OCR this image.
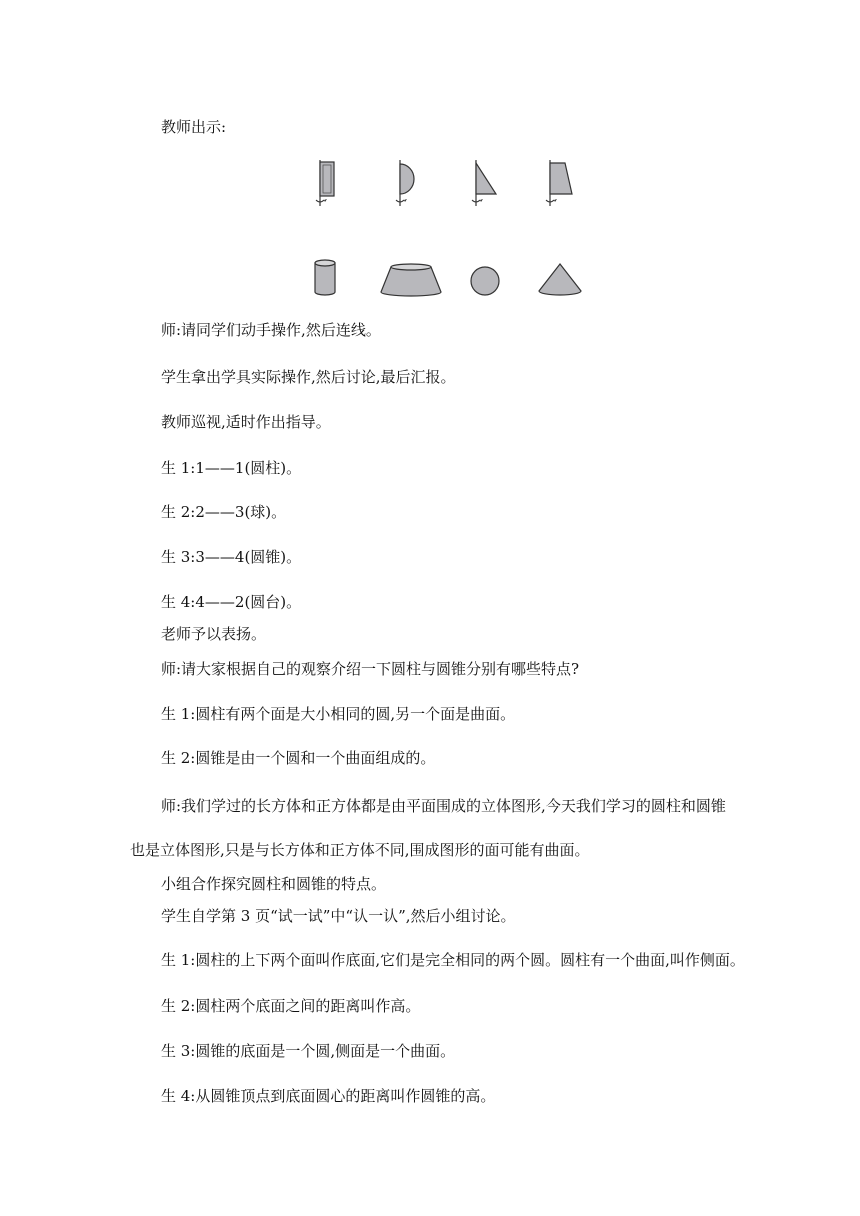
教师出示:
师:请同学们动手操作,然后连线。
学生拿出学具实际操作,然后讨论,最后汇报。
教师巡视,适时作出指导。
生 1:1——1(圆柱)。
生 2:2——3(球)。
生 3:3——4(圆锥)。
生 4:4——2(圆台)。
老师予以表扬。
师:请大家根据自己的观察介绍一下圆柱与圆锥分别有哪些特点?
生 1:圆柱有两个面是大小相同的圆,另一个面是曲面。
生 2:圆锥是由一个圆和一个曲面组成的。
师:我们学过的长方体和正方体都是由平面围成的立体图形,今天我们学习的圆柱和圆锥
也是立体图形,只是与长方体和正方体不同,围成图形的面可能有曲面。
小组合作探究圆柱和圆锥的特点。
学生自学第 3 页“试一试”中“认一认”,然后小组讨论。
生 1:圆柱的上下两个面叫作底面,它们是完全相同的两个圆。圆柱有一个曲面,叫作侧面。
生 2:圆柱两个底面之间的距离叫作高。
生 3:圆锥的底面是一个圆,侧面是一个曲面。
生 4:从圆锥顶点到底面圆心的距离叫作圆锥的高。
